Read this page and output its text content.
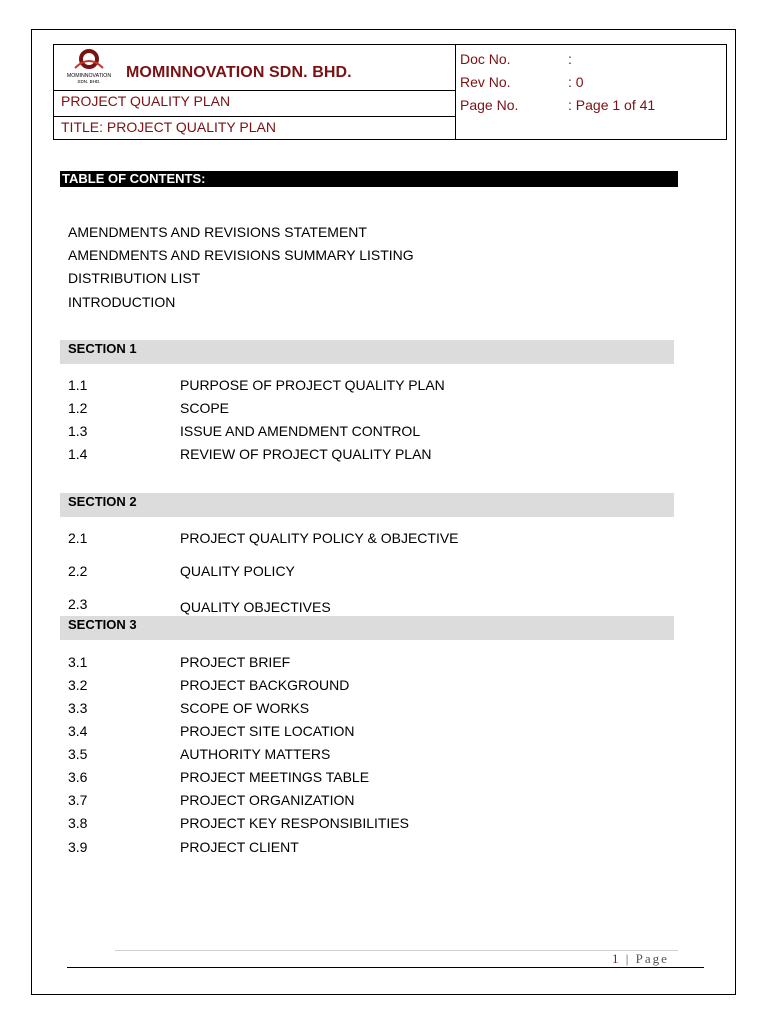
MOMINNOVATION
SDN. BHD.
MOMINNOVATION SDN. BHD.
PROJECT QUALITY PLAN
TITLE: PROJECT QUALITY PLAN
Doc No.	:
Rev No.	: 0
Page No.	: Page 1 of 41
TABLE OF CONTENTS:
AMENDMENTS AND REVISIONS STATEMENT
AMENDMENTS AND REVISIONS SUMMARY LISTING
DISTRIBUTION LIST
INTRODUCTION
SECTION 1
1.1	PURPOSE OF PROJECT QUALITY PLAN
1.2	SCOPE
1.3	ISSUE AND AMENDMENT CONTROL
1.4	REVIEW OF PROJECT QUALITY PLAN
SECTION 2
2.1	PROJECT QUALITY POLICY & OBJECTIVE
2.2	QUALITY POLICY
2.3	QUALITY OBJECTIVES
SECTION 3
3.1	PROJECT BRIEF
3.2	PROJECT BACKGROUND
3.3	SCOPE OF WORKS
3.4	PROJECT SITE LOCATION
3.5	AUTHORITY MATTERS
3.6	PROJECT MEETINGS TABLE
3.7	PROJECT ORGANIZATION
3.8	PROJECT KEY RESPONSIBILITIES
3.9	PROJECT CLIENT
1 | Page
